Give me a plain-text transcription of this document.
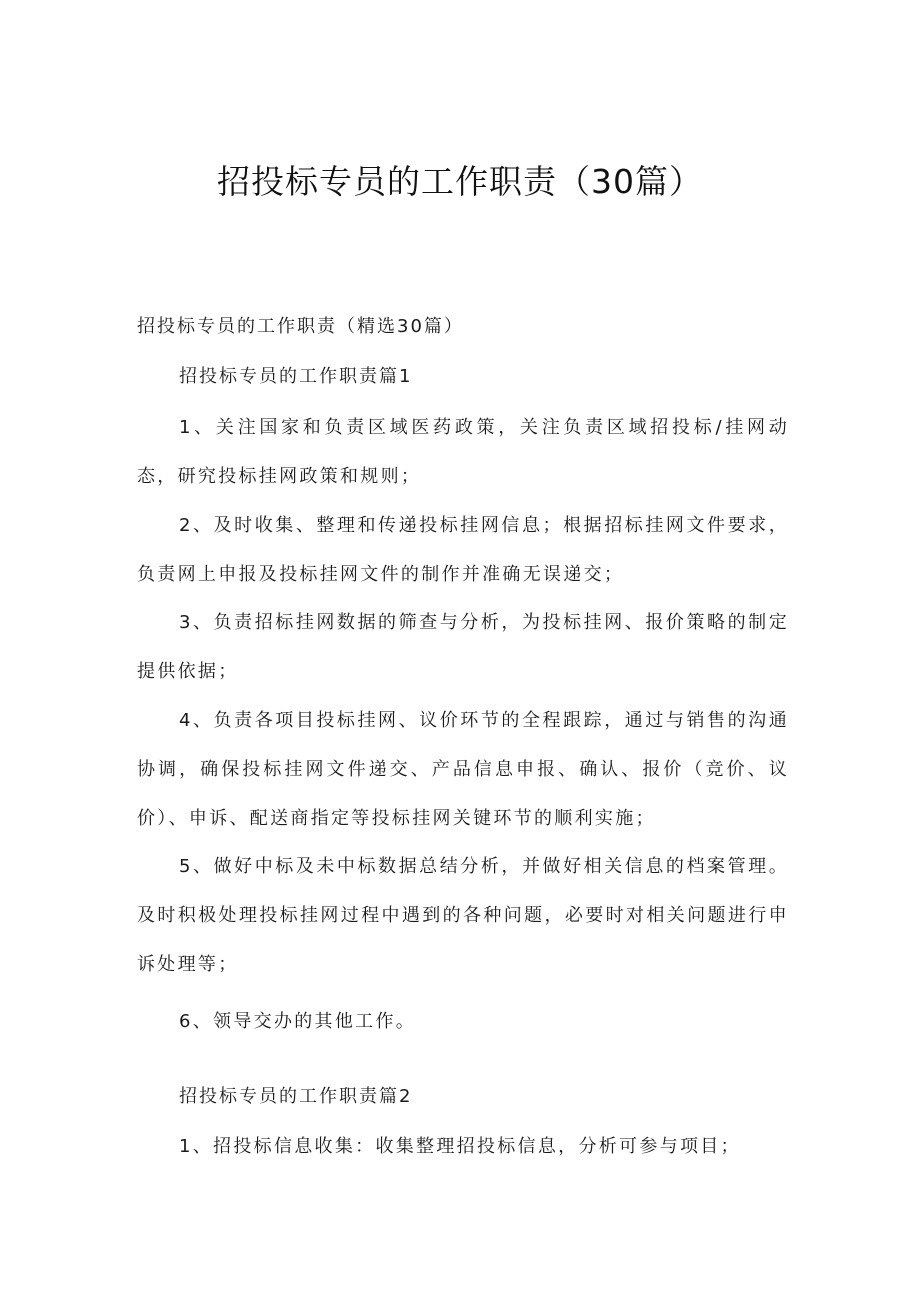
招投标专员的工作职责（30篇）
招投标专员的工作职责（精选30篇）
招投标专员的工作职责篇1

1、关注国家和负责区域医药政策，关注负责区域招投标/挂网动态，研究投标挂网政策和规则；

2、及时收集、整理和传递投标挂网信息；根据招标挂网文件要求，负责网上申报及投标挂网文件的制作并准确无误递交；

3、负责招标挂网数据的筛查与分析，为投标挂网、报价策略的制定提供依据；

4、负责各项目投标挂网、议价环节的全程跟踪，通过与销售的沟通协调，确保投标挂网文件递交、产品信息申报、确认、报价（竞价、议价）、申诉、配送商指定等投标挂网关键环节的顺利实施；

5、做好中标及未中标数据总结分析，并做好相关信息的档案管理。及时积极处理投标挂网过程中遇到的各种问题，必要时对相关问题进行申诉处理等；

6、领导交办的其他工作。

招投标专员的工作职责篇2

1、招投标信息收集：收集整理招投标信息，分析可参与项目；
